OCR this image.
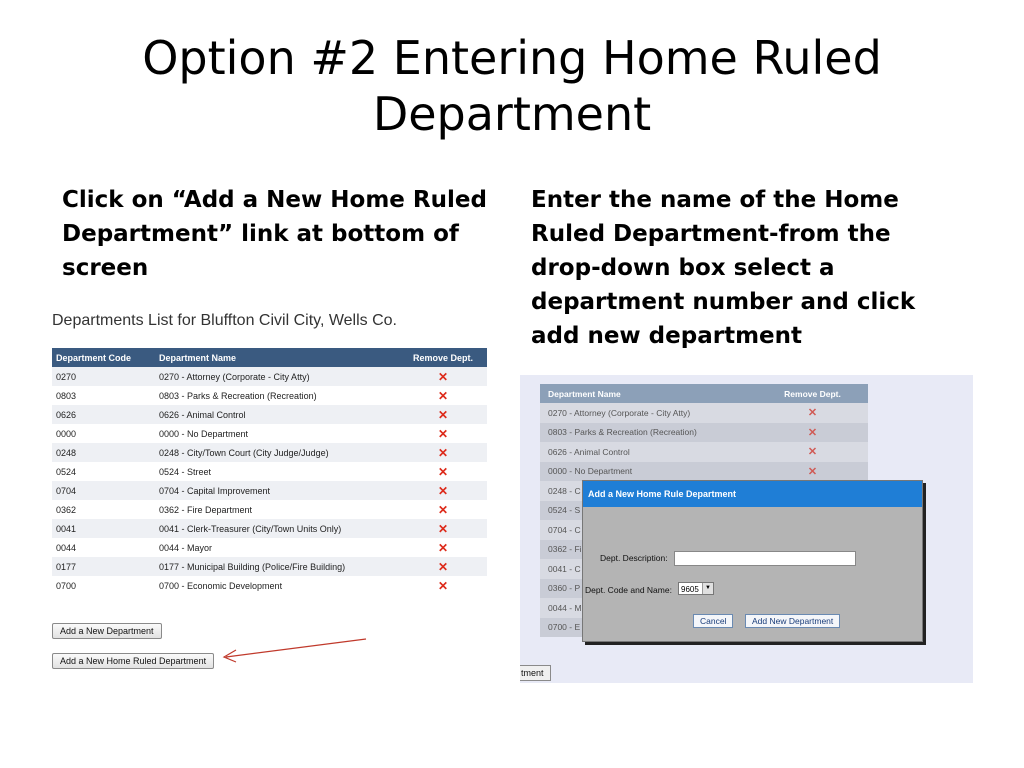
Option #2 Entering Home Ruled
Department
Click on “Add a New Home Ruled Department” link at bottom of screen
Enter the name of the Home Ruled Department-from the drop-down box select a department number and click add new department
Departments List for Bluffton Civil City, Wells Co.
Department Code	Department Name	Remove Dept.
0270	0270 - Attorney (Corporate - City Atty)	✕
0803	0803 - Parks & Recreation (Recreation)	✕
0626	0626 - Animal Control	✕
0000	0000 - No Department	✕
0248	0248 - City/Town Court (City Judge/Judge)	✕
0524	0524 - Street	✕
0704	0704 - Capital Improvement	✕
0362	0362 - Fire Department	✕
0041	0041 - Clerk-Treasurer (City/Town Units Only)	✕
0044	0044 - Mayor	✕
0177	0177 - Municipal Building (Police/Fire Building)	✕
0700	0700 - Economic Development	✕
Add a New Department
Add a New Home Ruled Department
Department Name	Remove Dept.
0270 - Attorney (Corporate - City Atty)	✕
0803 - Parks & Recreation (Recreation)	✕
0626 - Animal Control	✕
0000 - No Department	✕
0248 - C	
0524 - S	
0704 - C	
0362 - Fi	
0041 - C	
0360 - P	
0044 - M	
0700 - E	
tment
Add a New Home Rule Department
Dept. Description:
Dept. Code and Name:	9605	▼
Cancel	Add New Department
